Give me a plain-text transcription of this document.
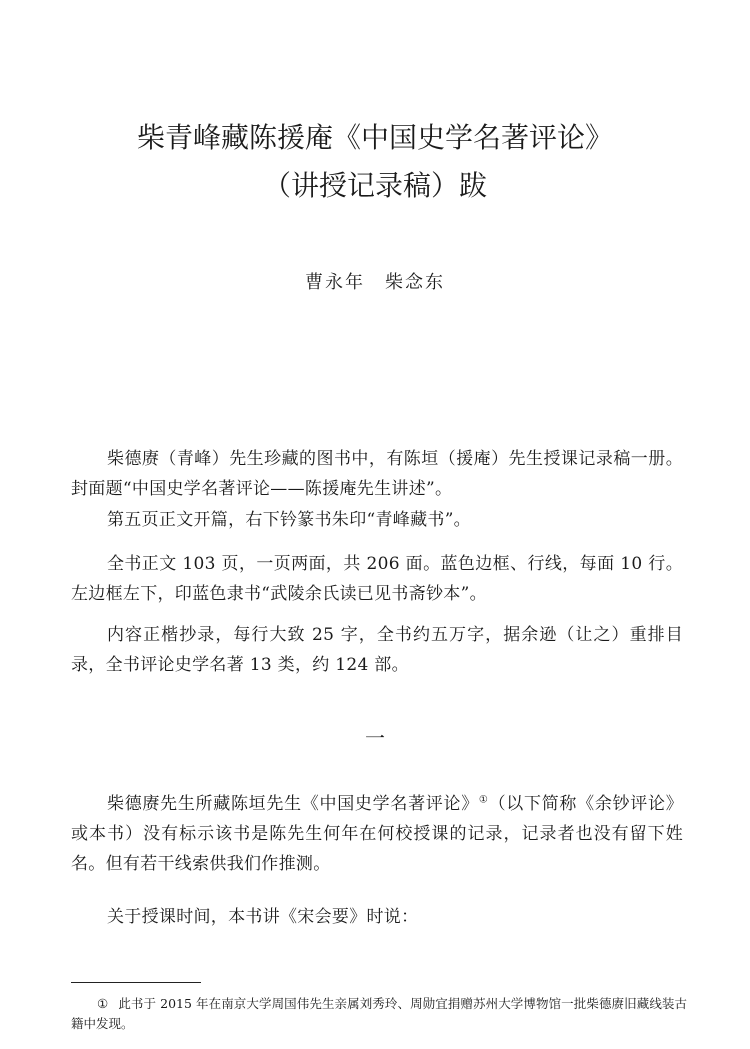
柴青峰藏陈援庵《中国史学名著评论》
（讲授记录稿）跋
曹永年　柴念东

柴德赓（青峰）先生珍藏的图书中，有陈垣（援庵）先生授课记录稿一册。封面题“中国史学名著评论——陈援庵先生讲述”。

第五页正文开篇，右下钤篆书朱印“青峰藏书”。

全书正文 103 页，一页两面，共 206 面。蓝色边框、行线，每面 10 行。左边框左下，印蓝色隶书“武陵余氏读已见书斋钞本”。

内容正楷抄录，每行大致 25 字，全书约五万字，据余逊（让之）重排目录，全书评论史学名著 13 类，约 124 部。

一

柴德赓先生所藏陈垣先生《中国史学名著评论》①（以下简称《余钞评论》或本书）没有标示该书是陈先生何年在何校授课的记录，记录者也没有留下姓名。但有若干线索供我们作推测。

关于授课时间，本书讲《宋会要》时说：

① 此书于 2015 年在南京大学周国伟先生亲属刘秀玲、周勋宜捐赠苏州大学博物馆一批柴德赓旧藏线装古籍中发现。
